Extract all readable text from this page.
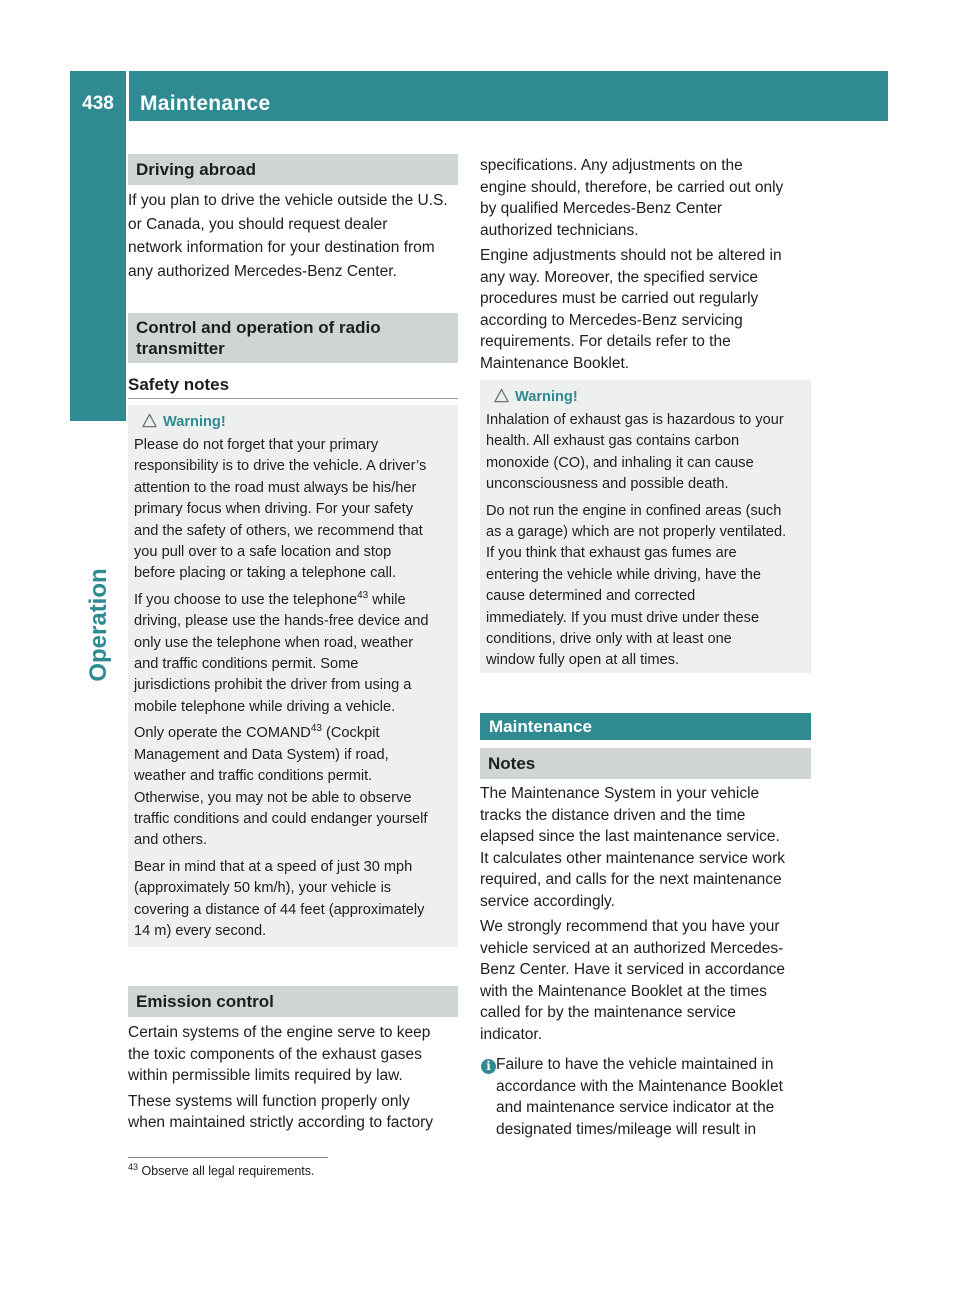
438	Maintenance
Operation
Driving abroad

If you plan to drive the vehicle outside the U.S.

or Canada, you should request dealer

network information for your destination from

any authorized Mercedes-Benz Center.

Control and operation of radio
transmitter
Safety notes
Warning!

Please do not forget that your primary

responsibility is to drive the vehicle. A driver’s

attention to the road must always be his/her

primary focus when driving. For your safety

and the safety of others, we recommend that

you pull over to a safe location and stop

before placing or taking a telephone call.

If you choose to use the telephone$^{43}$ while

driving, please use the hands-free device and

only use the telephone when road, weather

and traffic conditions permit. Some

jurisdictions prohibit the driver from using a

mobile telephone while driving a vehicle.

Only operate the COMAND$^{43}$ (Cockpit

Management and Data System) if road,

weather and traffic conditions permit.

Otherwise, you may not be able to observe

traffic conditions and could endanger yourself

and others.

Bear in mind that at a speed of just 30 mph

(approximately 50 km/h), your vehicle is

covering a distance of 44 feet (approximately

14 m) every second.

Emission control

Certain systems of the engine serve to keep

the toxic components of the exhaust gases

within permissible limits required by law.

These systems will function properly only

when maintained strictly according to factory

specifications. Any adjustments on the

engine should, therefore, be carried out only

by qualified Mercedes-Benz Center

authorized technicians.

Engine adjustments should not be altered in

any way. Moreover, the specified service

procedures must be carried out regularly

according to Mercedes-Benz servicing

requirements. For details refer to the

Maintenance Booklet.

Warning!

Inhalation of exhaust gas is hazardous to your

health. All exhaust gas contains carbon

monoxide (CO), and inhaling it can cause

unconsciousness and possible death.

Do not run the engine in confined areas (such

as a garage) which are not properly ventilated.

If you think that exhaust gas fumes are

entering the vehicle while driving, have the

cause determined and corrected

immediately. If you must drive under these

conditions, drive only with at least one

window fully open at all times.

Maintenance
Notes

The Maintenance System in your vehicle

tracks the distance driven and the time

elapsed since the last maintenance service.

It calculates other maintenance service work

required, and calls for the next maintenance

service accordingly.

We strongly recommend that you have your

vehicle serviced at an authorized Mercedes-

Benz Center. Have it serviced in accordance

with the Maintenance Booklet at the times

called for by the maintenance service

indicator.

i Failure to have the vehicle maintained in

accordance with the Maintenance Booklet

and maintenance service indicator at the

designated times/mileage will result in

$^{43}$ Observe all legal requirements.
